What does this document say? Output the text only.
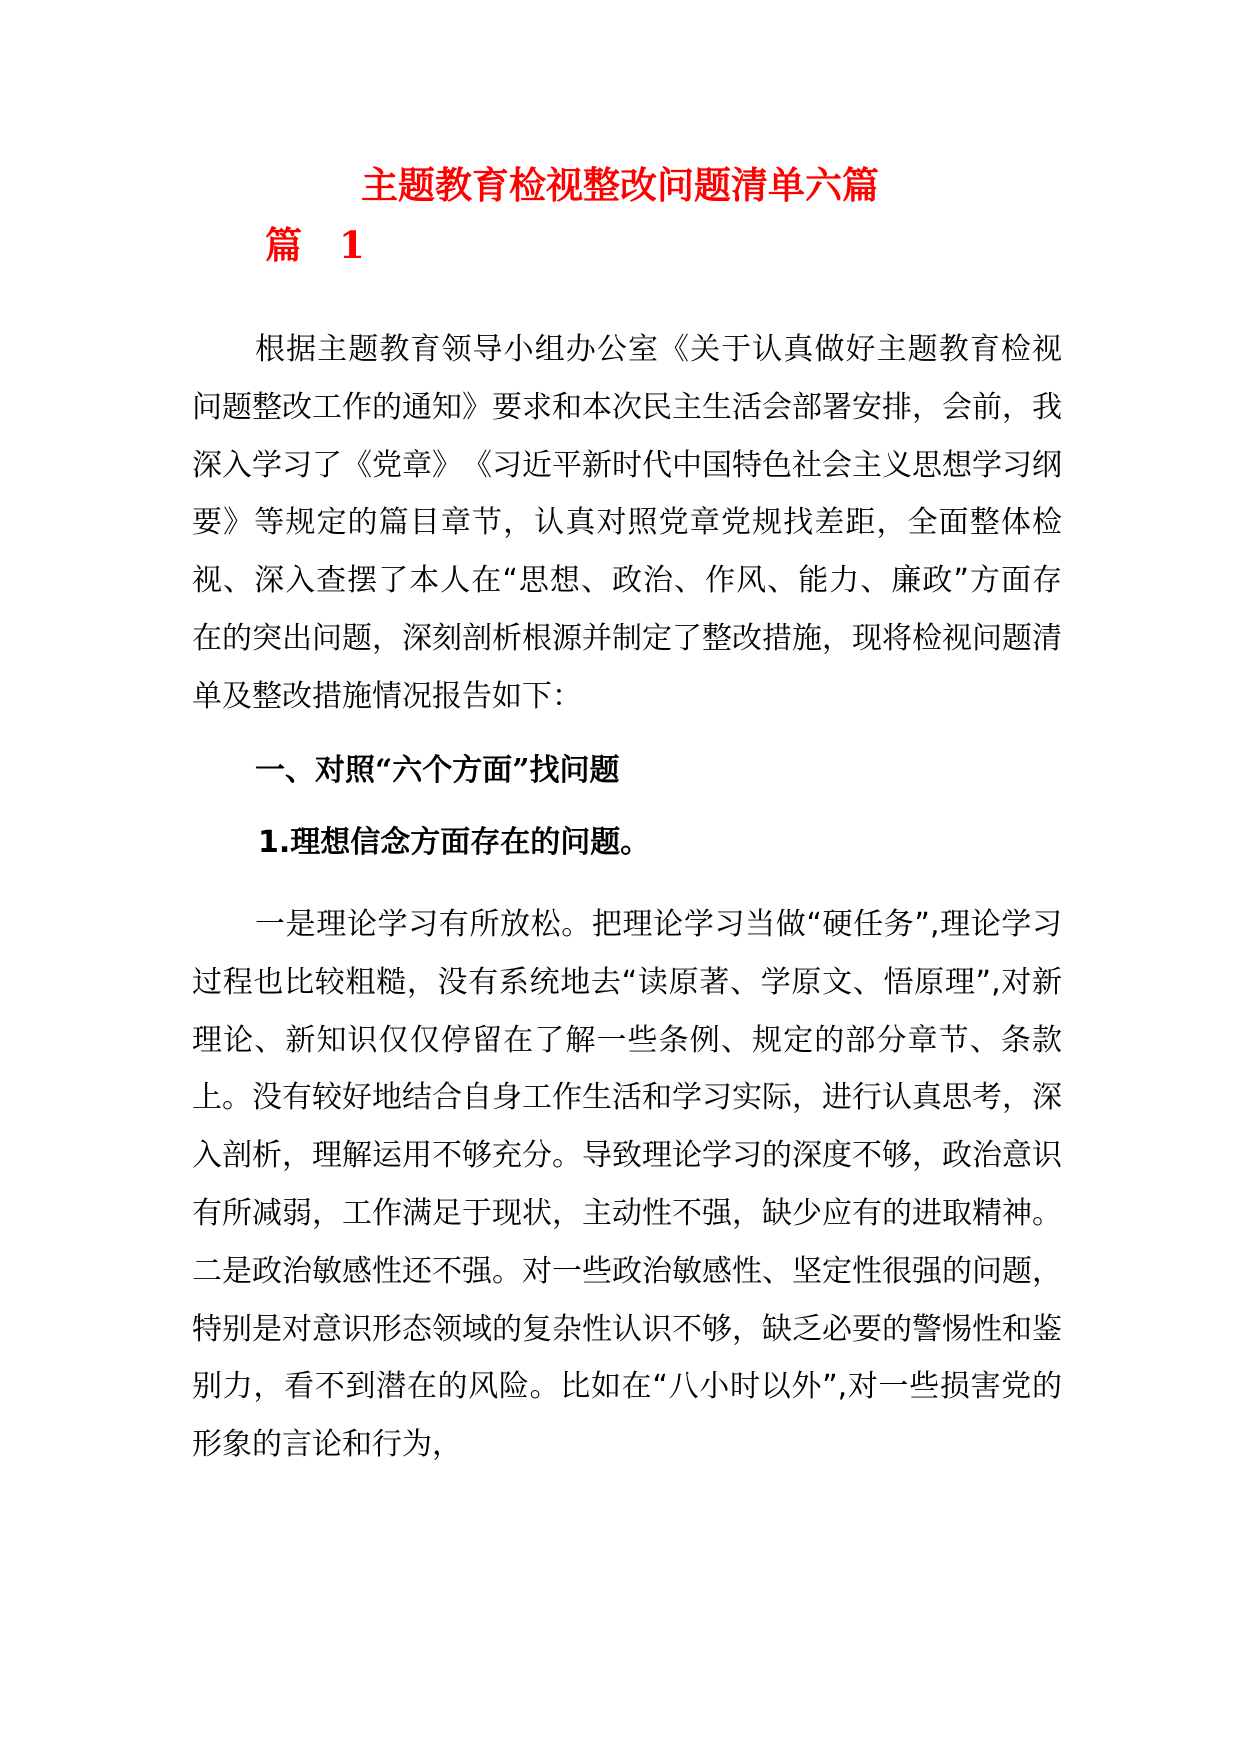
主题教育检视整改问题清单六篇
篇　1

根据主题教育领导小组办公室《关于认真做好主题教育检视问题整改工作的通知》要求和本次民主生活会部署安排，会前，我深入学习了《党章》　《习近平新时代中国特色社会主义思想学习纲要》等规定的篇目章节，认真对照党章党规找差距，全面整体检视、深入查摆了本人在“思想、政治、作风、能力、廉政”方面存在的突出问题，深刻剖析根源并制定了整改措施，现将检视问题清单及整改措施情况报告如下：

一、对照“六个方面”找问题
1.理想信念方面存在的问题。

一是理论学习有所放松。把理论学习当做“硬任务”,理论学习过程也比较粗糙，没有系统地去“读原著、学原文、悟原理”,对新理论、新知识仅仅停留在了解一些条例、规定的部分章节、条款上。没有较好地结合自身工作生活和学习实际，进行认真思考，深入剖析，理解运用不够充分。导致理论学习的深度不够，政治意识有所减弱，工作满足于现状，主动性不强，缺少应有的进取精神。二是政治敏感性还不强。对一些政治敏感性、坚定性很强的问题，特别是对意识形态领域的复杂性认识不够，缺乏必要的警惕性和鉴别力，看不到潜在的风险。比如在“八小时以外”,对一些损害党的形象的言论和行为，
